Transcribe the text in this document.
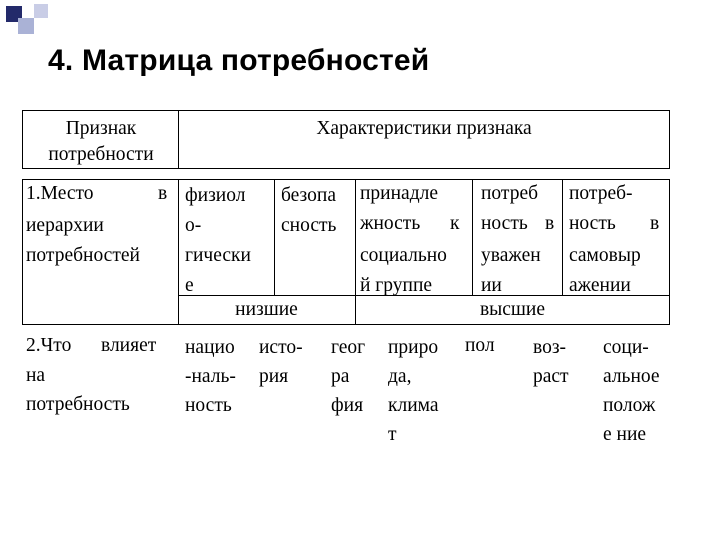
4. Матрица потребностей
Признак
потребности
Характеристики признака
1.Место	в
иерархии
потребностей
физиол
о-
гически
е
безопа
сность
принадле
жность к
социально
й группе
потреб
ность в
уважен
ии
потреб-
ность в
самовыр
ажении
низшие	высшие
2.Что влияет
на
потребность
нацио
-наль-
ность
исто-
рия
геог
ра
фия
приро
да,
клима
т
пол воз-
раст
соци-
альное
полож
е ние
